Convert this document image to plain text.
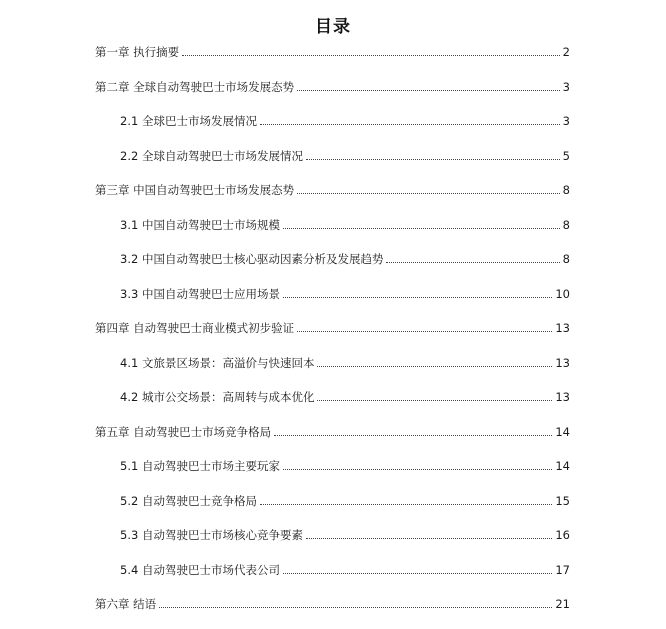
目录
第一章 执行摘要	2
第二章 全球自动驾驶巴士市场发展态势	3
2.1 全球巴士市场发展情况	3
2.2 全球自动驾驶巴士市场发展情况	5
第三章 中国自动驾驶巴士市场发展态势	8
3.1 中国自动驾驶巴士市场规模	8
3.2 中国自动驾驶巴士核心驱动因素分析及发展趋势	8
3.3 中国自动驾驶巴士应用场景	10
第四章 自动驾驶巴士商业模式初步验证	13
4.1 文旅景区场景：高溢价与快速回本	13
4.2 城市公交场景：高周转与成本优化	13
第五章 自动驾驶巴士市场竞争格局	14
5.1 自动驾驶巴士市场主要玩家	14
5.2 自动驾驶巴士竞争格局	15
5.3 自动驾驶巴士市场核心竞争要素	16
5.4 自动驾驶巴士市场代表公司	17
第六章 结语	21
